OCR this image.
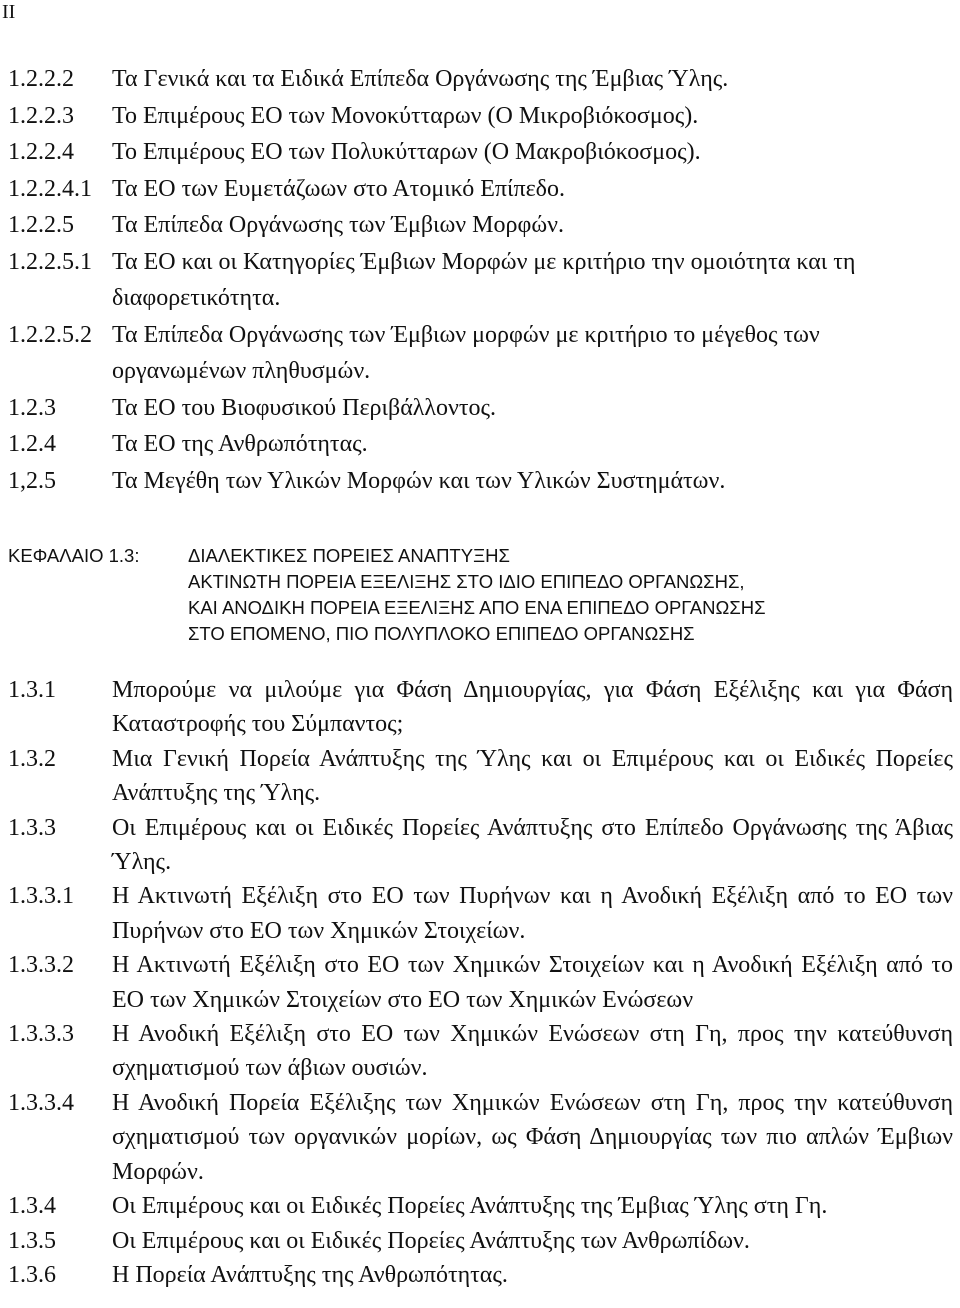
II
1.2.2.2	Τα Γενικά και τα Ειδικά Επίπεδα Οργάνωσης της Έμβιας Ύλης.
1.2.2.3	Το Επιμέρους ΕΟ των Μονοκύτταρων (Ο Μικροβιόκοσμος).
1.2.2.4	Το Επιμέρους ΕΟ των Πολυκύτταρων (Ο Μακροβιόκοσμος).
1.2.2.4.1 Τα ΕΟ των Ευμετάζωων στο Ατομικό Επίπεδο.
1.2.2.5	Τα Επίπεδα Οργάνωσης των Έμβιων Μορφών.
1.2.2.5.1 Τα ΕΟ και οι Κατηγορίες Έμβιων Μορφών με κριτήριο την ομοιότητα και τη διαφορετικότητα.
1.2.2.5.2 Τα Επίπεδα Οργάνωσης των Έμβιων μορφών με κριτήριο το μέγεθος των οργανωμένων πληθυσμών.
1.2.3	Τα ΕΟ του Βιοφυσικού Περιβάλλοντος.
1.2.4	Τα ΕΟ της Ανθρωπότητας.
1,2.5	Τα Μεγέθη των Υλικών Μορφών και των Υλικών Συστημάτων.
ΚΕΦΑΛΑΙΟ 1.3:	ΔΙΑΛΕΚΤΙΚΕΣ ΠΟΡΕΙΕΣ ΑΝΑΠΤΥΞΗΣ
ΑΚΤΙΝΩΤΗ ΠΟΡΕΙΑ ΕΞΕΛΙΞΗΣ ΣΤΟ ΙΔΙΟ ΕΠΙΠΕΔΟ ΟΡΓΑΝΩΣΗΣ,
ΚΑΙ ΑΝΟΔΙΚΗ ΠΟΡΕΙΑ ΕΞΕΛΙΞΗΣ ΑΠΟ ΕΝΑ ΕΠΙΠΕΔΟ ΟΡΓΑΝΩΣΗΣ
ΣΤΟ ΕΠΟΜΕΝΟ, ΠΙΟ ΠΟΛΥΠΛΟΚΟ ΕΠΙΠΕΔΟ ΟΡΓΑΝΩΣΗΣ
1.3.1	Μπορούμε να μιλούμε για Φάση Δημιουργίας, για Φάση Εξέλιξης και για Φάση Καταστροφής του Σύμπαντος;
1.3.2	Μια Γενική Πορεία Ανάπτυξης της Ύλης και οι Επιμέρους και οι Ειδικές Πορείες Ανάπτυξης της Ύλης.
1.3.3	Οι Επιμέρους και οι Ειδικές Πορείες Ανάπτυξης στο Επίπεδο Οργάνωσης της Άβιας Ύλης.
1.3.3.1	Η Ακτινωτή Εξέλιξη στο ΕΟ των Πυρήνων και η Ανοδική Εξέλιξη από το ΕΟ των Πυρήνων στο ΕΟ των Χημικών Στοιχείων.
1.3.3.2	Η Ακτινωτή Εξέλιξη στο ΕΟ των Χημικών Στοιχείων και η Ανοδική Εξέλιξη από το ΕΟ των Χημικών Στοιχείων στο ΕΟ των Χημικών Ενώσεων
1.3.3.3	Η Ανοδική Εξέλιξη στο ΕΟ των Χημικών Ενώσεων στη Γη, προς την κατεύθυνση σχηματισμού των άβιων ουσιών.
1.3.3.4	Η Ανοδική Πορεία Εξέλιξης των Χημικών Ενώσεων στη Γη, προς την κατεύθυνση σχηματισμού των οργανικών μορίων, ως Φάση Δημιουργίας των πιο απλών Έμβιων Μορφών.
1.3.4	Οι Επιμέρους και οι Ειδικές Πορείες Ανάπτυξης της Έμβιας Ύλης στη Γη.
1.3.5	Οι Επιμέρους και οι Ειδικές Πορείες Ανάπτυξης των Ανθρωπίδων.
1.3.6	Η Πορεία Ανάπτυξης της Ανθρωπότητας.
